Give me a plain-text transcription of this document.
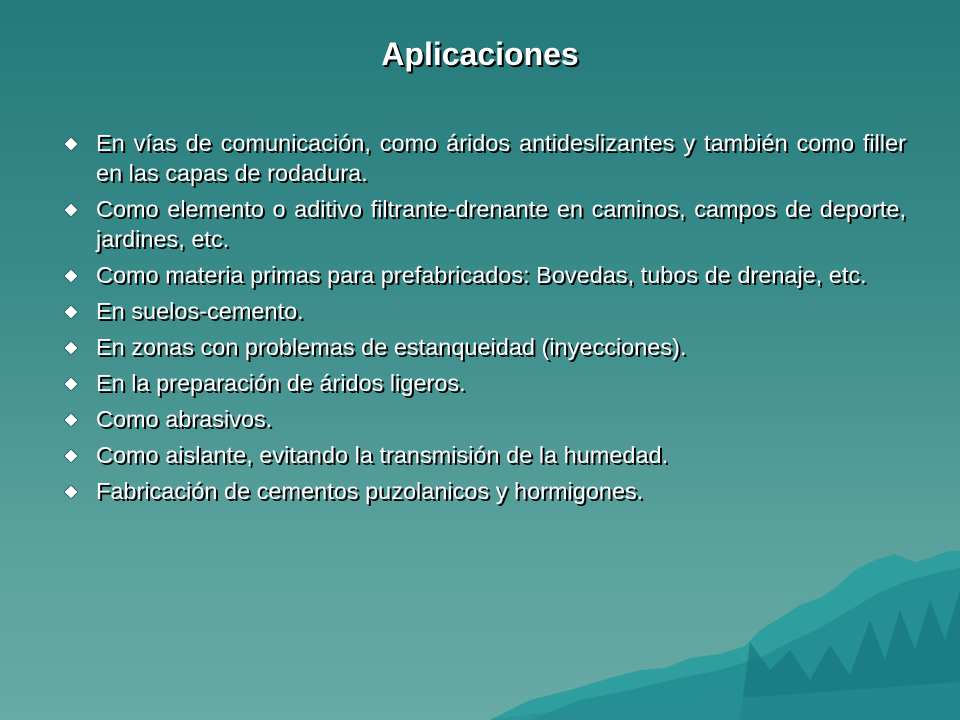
Aplicaciones
En vías de comunicación, como áridos antideslizantes y también como filler en las capas de rodadura.
Como elemento o aditivo filtrante-drenante en caminos, campos de deporte, jardines, etc.
Como materia primas para prefabricados: Bovedas, tubos de drenaje, etc.
En suelos-cemento.
En zonas con problemas de estanqueidad (inyecciones).
En la preparación de áridos ligeros.
Como abrasivos.
Como aislante, evitando la transmisión de la humedad.
Fabricación de cementos puzolanicos y hormigones.
